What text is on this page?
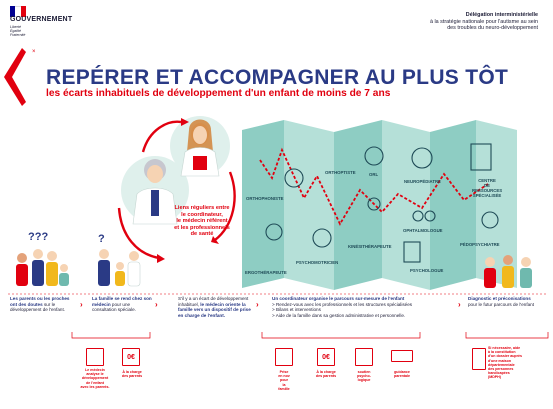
GOUVERNEMENT
Liberté
Égalité
Fraternité
Délégation interministérielle
à la stratégie nationale pour l'autisme au sein
des troubles du neuro-développement
×
REPÉRER ET ACCOMPAGNER AU PLUS TÔT
les écarts inhabituels de développement d'un enfant de moins de 7 ans
Liens réguliers entre
le coordinateur,
le médecin référent
et les professionnels
de santé
ORTHOPHONISTE
ORTHOPTISTE	ORL
NEUROPÉDIATRE	CENTRE
DE
RESSOURCES
SPÉCIALISÉE
ERGOTHÉRAPEUTE
PSYCHOMOTRICIEN
KINÉSITHÉRAPEUTE
OPHTALMOLOGUE
PSYCHOLOGUE
PÉDOPSYCHIATRE
???	?
Les parents ou les proches ont des doutes sur le développement de l'enfant.
›
La famille se rend chez son médecin pour une consultation spéciale.
›
S'il y a un écart de développement inhabituel, le médecin oriente la famille vers un dispositif de prise en charge de l'enfant.
›
Un coordinateur organise le parcours sur-mesure de l'enfant
> Rendez-vous avec les professionnels et les structures spécialisées
> Bilans et interventions
> Aide de la famille dans sa gestion administrative et personnelle.
›
Diagnostic et préconisations pour le futur parcours de l'enfant
Le médecin
analyse le
développement
de l'enfant
avec les parents.
0€
À la charge
des parents
Prise
en nov
pour
la
famille
0€
À la charge
des parents
soutien
psycho-
logique
guidance
parentale
Si nécessaire, aide
à la constitution
d'un dossier auprès
d'une maison
départementale
des personnes
handicapées
(MDPH)
